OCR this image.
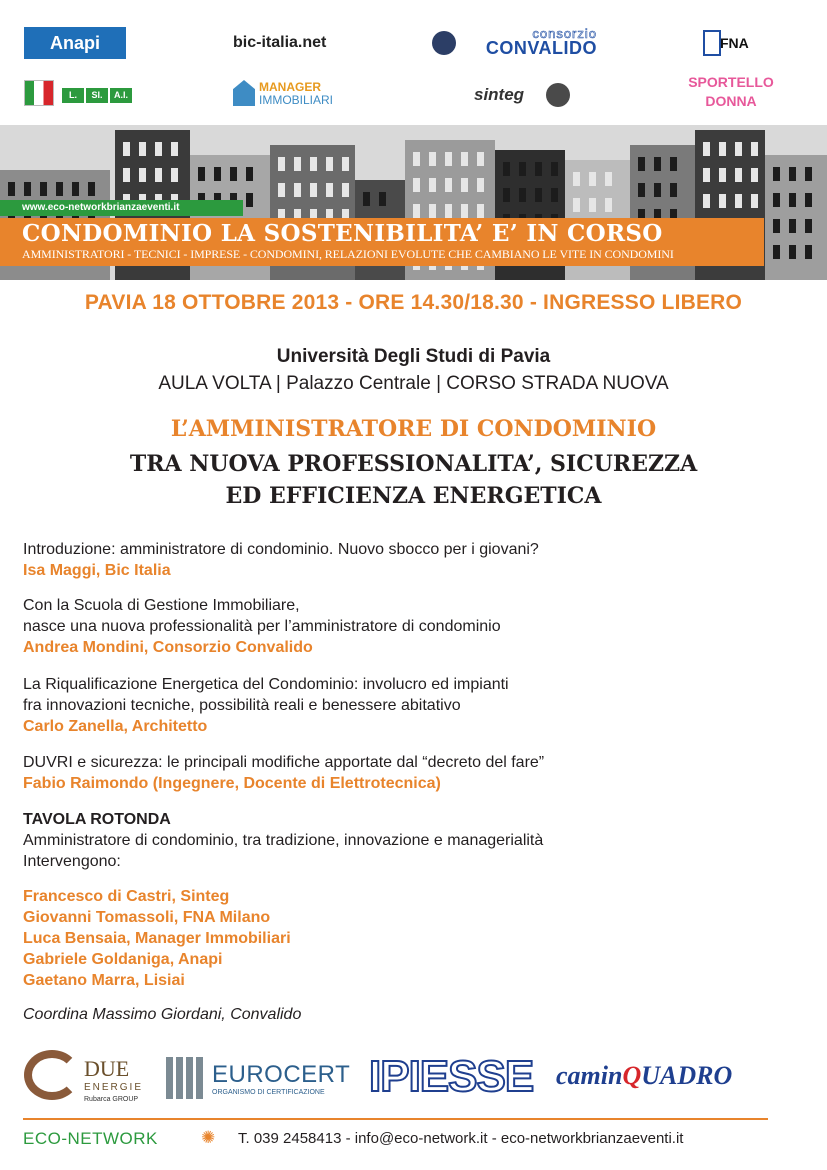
Anapi	bic-italia.net
consorzio
CONVALIDO	FNA
L.	SI.	A.I.
MANAGER
IMMOBILIARI	sinteg
SPORTELLO
DONNA
www.eco-networkbrianzaeventi.it
CONDOMINIO LA SOSTENIBILITA’ E’ IN CORSO
AMMINISTRATORI - TECNICI - IMPRESE - CONDOMINI, RELAZIONI EVOLUTE CHE CAMBIANO LE VITE IN CONDOMINI
PAVIA 18 OTTOBRE 2013 - ORE 14.30/18.30 - INGRESSO LIBERO
Università Degli Studi di Pavia
AULA VOLTA | Palazzo Centrale | CORSO STRADA NUOVA
L’AMMINISTRATORE DI CONDOMINIO
TRA NUOVA PROFESSIONALITA’, SICUREZZA
ED EFFICIENZA ENERGETICA
Introduzione: amministratore di condominio. Nuovo sbocco per i giovani?
Isa Maggi, Bic Italia
Con la Scuola di Gestione Immobiliare,
nasce una nuova professionalità per l’amministratore di condominio
Andrea Mondini, Consorzio Convalido
La Riqualificazione Energetica del Condominio: involucro ed impianti
fra innovazioni tecniche, possibilità reali e benessere abitativo
Carlo Zanella, Architetto
DUVRI e sicurezza: le principali modifiche apportate dal “decreto del fare”
Fabio Raimondo (Ingegnere, Docente di Elettrotecnica)
TAVOLA ROTONDA
Amministratore di condominio, tra tradizione, innovazione e managerialità
Intervengono:
Francesco di Castri, Sinteg
Giovanni Tomassoli, FNA Milano
Luca Bensaia, Manager Immobiliari
Gabriele Goldaniga, Anapi
Gaetano Marra, Lisiai
Coordina Massimo Giordani, Convalido
DUE
ENERGIE
Rubarca GROUP
EUROCERT
ORGANISMO DI CERTIFICAZIONE IPIESSE caminQUADRO
ECO-NETWORK	✺ T. 039 2458413 - info@eco-network.it - eco-networkbrianzaeventi.it
